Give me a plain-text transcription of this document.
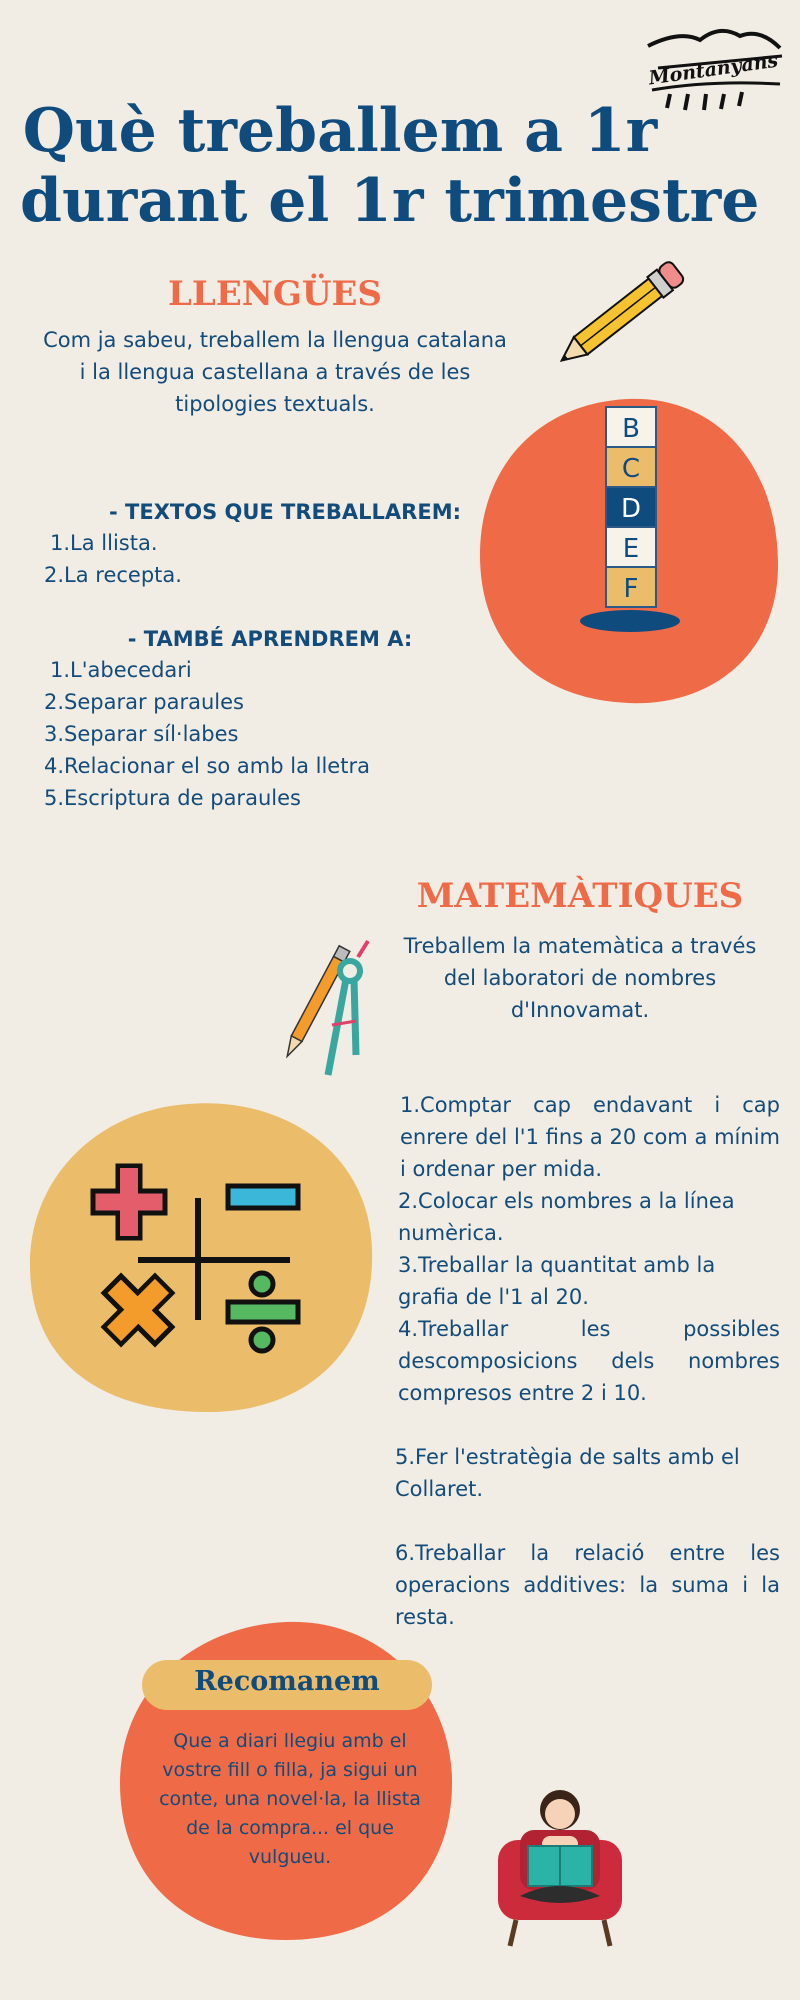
Montanyans
Què treballem a 1r
durant el 1r trimestre
LLENGÜES
Com ja sabeu, treballem la llengua catalana i la llengua castellana a través de les tipologies textuals.
B
C
D
E
F
- TEXTOS QUE TREBALLAREM:
1.La llista.
2.La recepta.
- TAMBÉ APRENDREM A:
1.L'abecedari
2.Separar paraules
3.Separar síl·labes
4.Relacionar el so amb la lletra
5.Escriptura de paraules
MATEMÀTIQUES
Treballem la matemàtica a través del laboratori de nombres d'Innovamat.
1.Comptar cap endavant i cap enrere del l'1 fins a 20 com a mínim i ordenar per mida.
2.Colocar els nombres a la línea numèrica.
3.Treballar la quantitat amb la grafia de l'1 al 20.
4.Treballar les possibles descomposicions dels nombres compresos entre 2 i 10.
5.Fer l'estratègia de salts amb el Collaret.
6.Treballar la relació entre les operacions additives: la suma i la resta.
Recomanem
Que a diari llegiu amb el vostre fill o filla, ja sigui un conte, una novel·la, la llista de la compra... el que vulgueu.
